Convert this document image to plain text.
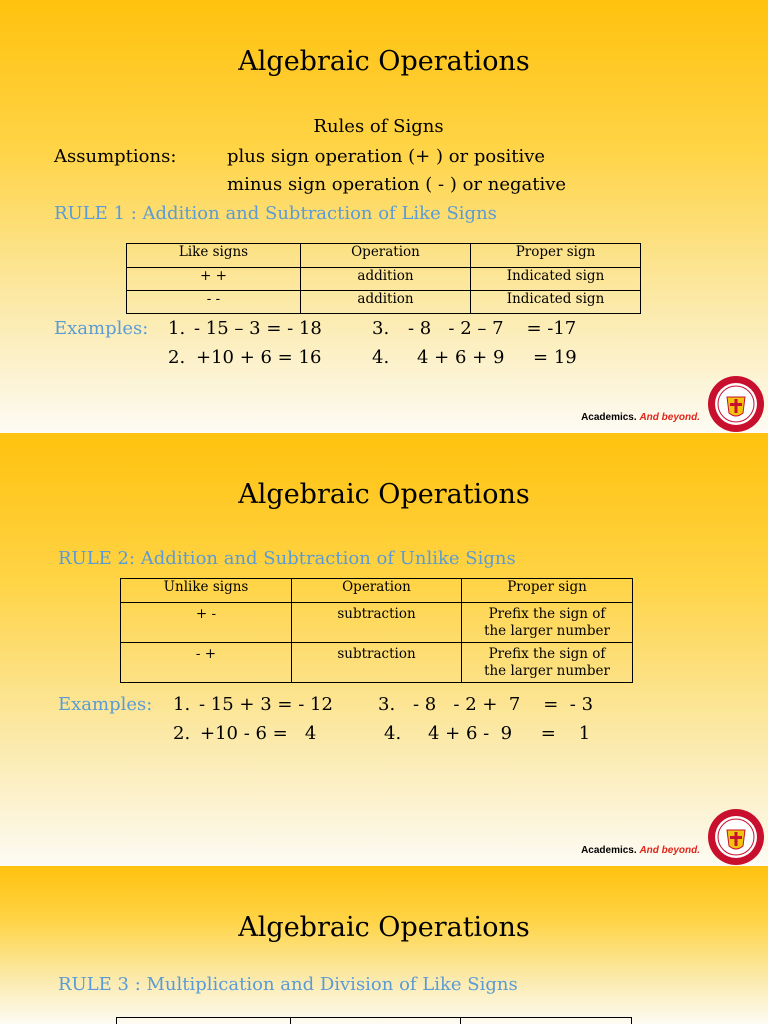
Algebraic Operations
Rules of Signs
Assumptions:	plus sign operation (+ ) or positive
minus sign operation ( - ) or negative
RULE 1 : Addition and Subtraction of Like Signs
Like signs	Operation	Proper sign
+ +	addition	Indicated sign
- -	addition	Indicated sign
Examples: 1. - 15 – 3 = - 18
2. +10 + 6 = 16
3. - 8   - 2 – 7    = -17
4. 4 + 6 + 9     = 19
Academics. And beyond.
Algebraic Operations
RULE 2: Addition and Subtraction of Unlike Signs
Unlike signs	Operation	Proper sign
+ -	subtraction	Prefix the sign of the larger number
- +	subtraction	Prefix the sign of the larger number
Examples: 1. - 15 + 3 = - 12
2. +10 - 6 =   4
3. - 8   - 2 +  7    =  - 3
4. 4 + 6 -  9     =    1
Academics. And beyond.
Algebraic Operations
RULE 3 : Multiplication and Division of Like Signs
